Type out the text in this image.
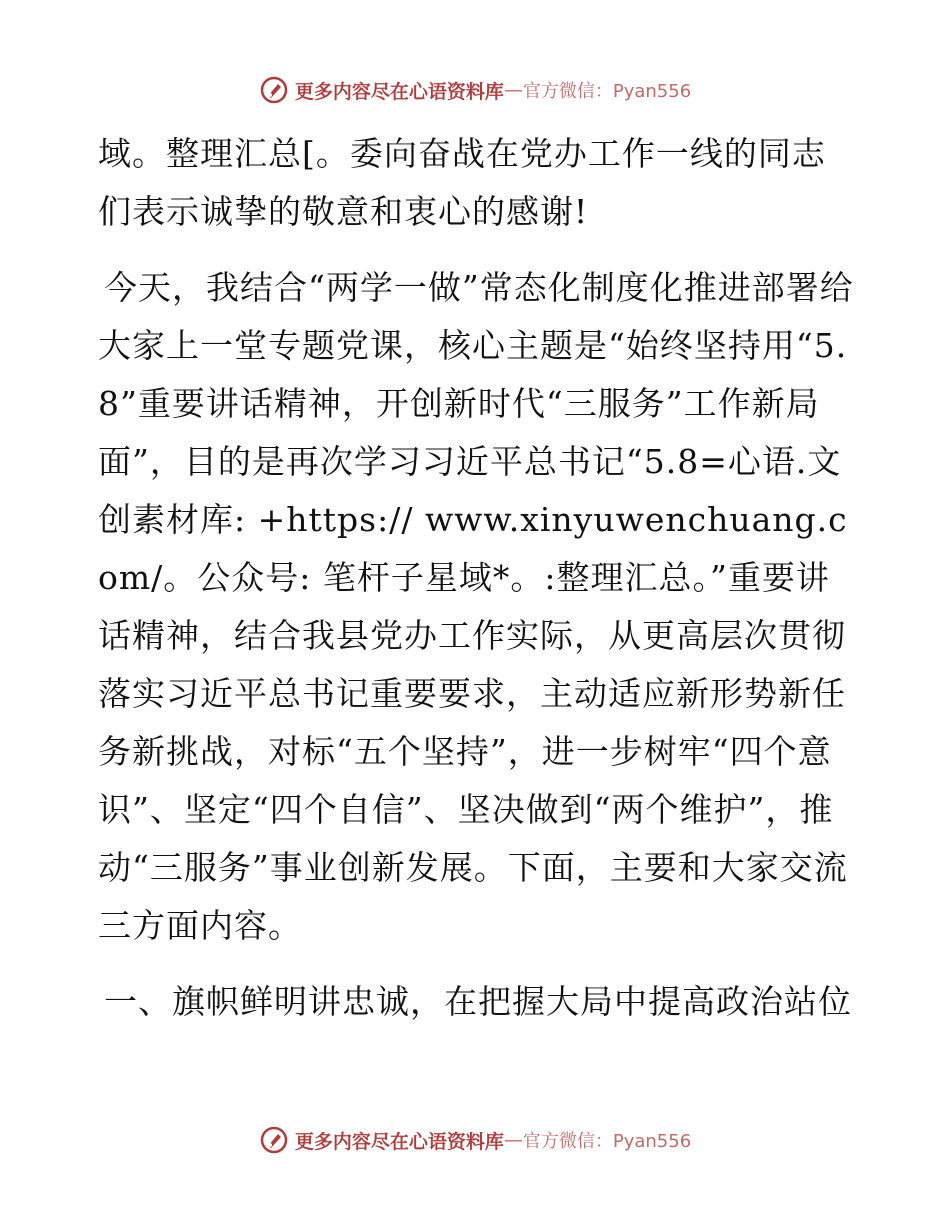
更多内容尽在心语资料库 — 官方微信：Pyan556

域。整理汇总[。委向奋战在党办工作一线的同志们表示诚挚的敬意和衷心的感谢!

今天，我结合“两学一做”常态化制度化推进部署给大家上一堂专题党课，核心主题是“始终坚持用“5.8”重要讲话精神，开创新时代“三服务”工作新局面”，目的是再次学习习近平总书记“5.8=心语.文创素材库: +https:// www.xinyuwenchuang.com/。公众号: 笔杆子星域*。:整理汇总。”重要讲话精神，结合我县党办工作实际，从更高层次贯彻落实习近平总书记重要要求，主动适应新形势新任务新挑战，对标“五个坚持”，进一步树牢“四个意识”、坚定“四个自信”、坚决做到“两个维护”，推动“三服务”事业创新发展。下面，主要和大家交流三方面内容。

一、旗帜鲜明讲忠诚，在把握大局中提高政治站位

更多内容尽在心语资料库 — 官方微信：Pyan556
